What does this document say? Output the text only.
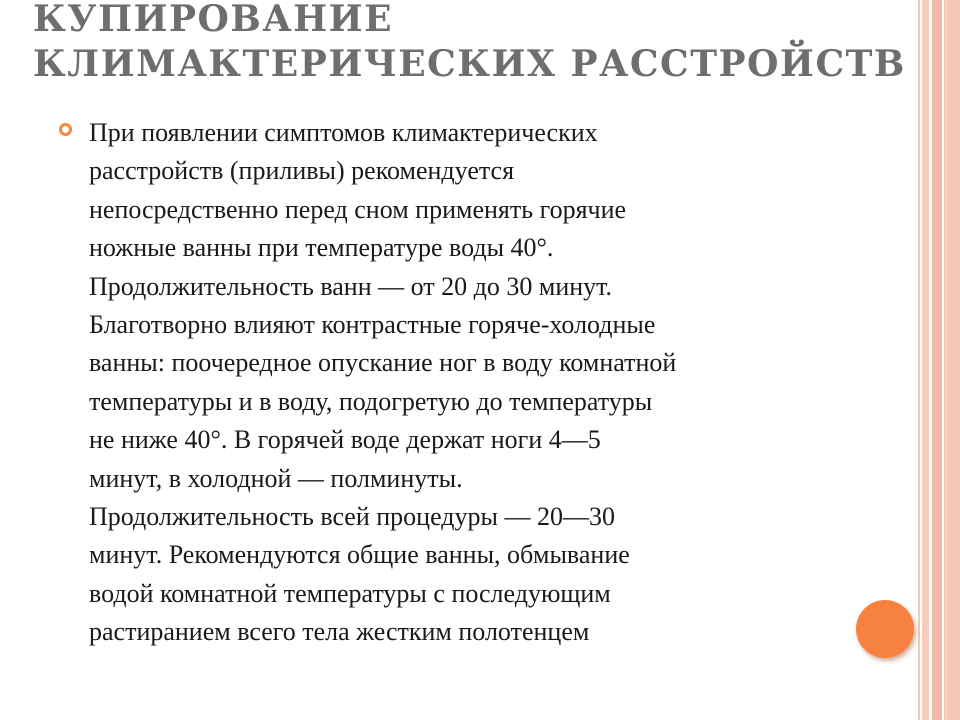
КУПИРОВАНИЕ
КЛИМАКТЕРИЧЕСКИХ РАССТРОЙСТВ

При появлении симптомов климактерических
расстройств (приливы) рекомендуется
непосредственно перед сном применять горячие
ножные ванны при температуре воды 40°.
Продолжительность ванн — от 20 до 30 минут.
Благотворно влияют контрастные горяче-холодные
ванны: поочередное опускание ног в воду комнатной
температуры и в воду, подогретую до температуры
не ниже 40°. В горячей воде держат ноги 4—5
минут, в холодной — полминуты.
Продолжительность всей процедуры — 20—30
минут. Рекомендуются общие ванны, обмывание
водой комнатной температуры с последующим
растиранием всего тела жестким полотенцем
